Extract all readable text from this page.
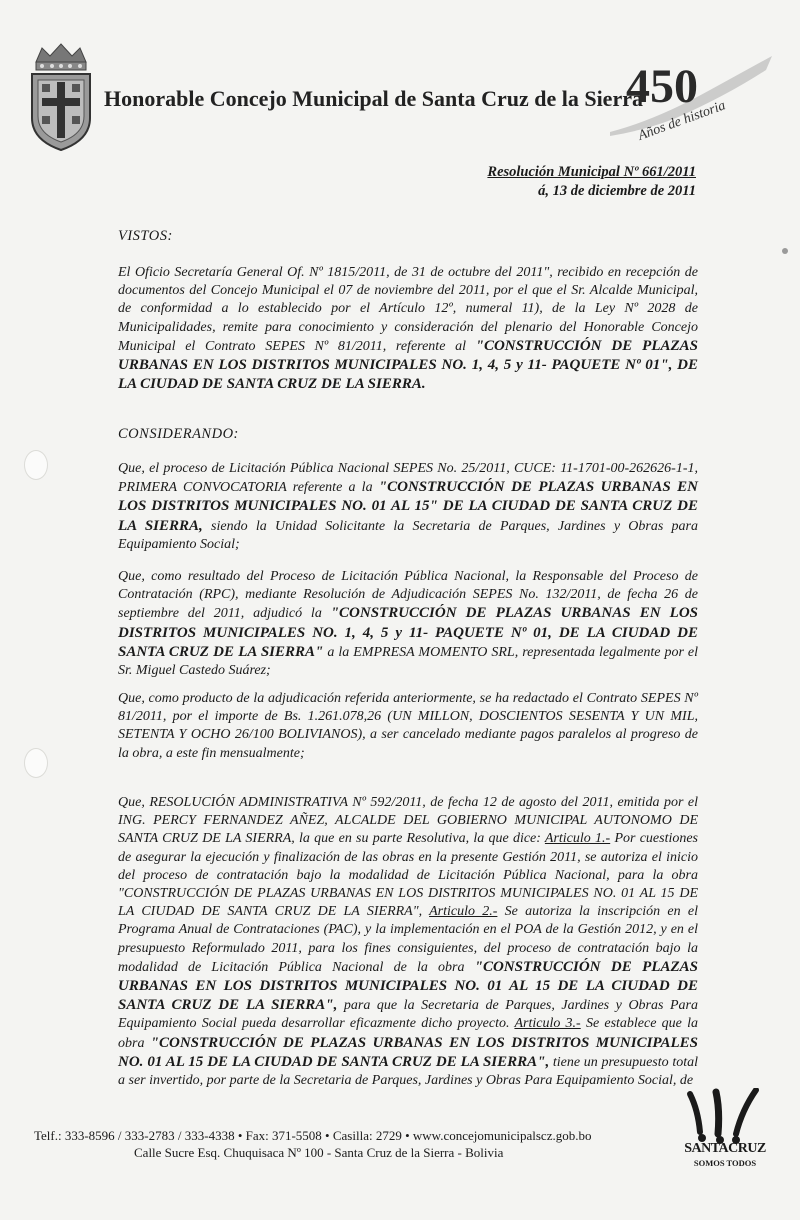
Honorable Concejo Municipal de Santa Cruz de la Sierra
450
Años de historia
Resolución Municipal Nº 661/2011
á, 13 de diciembre de 2011
VISTOS:

El Oficio Secretaría General Of. Nº 1815/2011, de 31 de octubre del 2011", recibido en recepción de documentos del Concejo Municipal el 07 de noviembre del 2011, por el que el Sr. Alcalde Municipal, de conformidad a lo establecido por el Artículo 12º, numeral 11), de la Ley Nº 2028 de Municipalidades, remite para conocimiento y consideración del plenario del Honorable Concejo Municipal el Contrato SEPES Nº 81/2011, referente al "CONSTRUCCIÓN DE PLAZAS URBANAS EN LOS DISTRITOS MUNICIPALES NO. 1, 4, 5 y 11- PAQUETE Nº 01", DE LA CIUDAD DE SANTA CRUZ DE LA SIERRA.

CONSIDERANDO:

Que, el proceso de Licitación Pública Nacional SEPES No. 25/2011, CUCE: 11-1701-00-262626-1-1, PRIMERA CONVOCATORIA referente a la "CONSTRUCCIÓN DE PLAZAS URBANAS EN LOS DISTRITOS MUNICIPALES NO. 01 AL 15" DE LA CIUDAD DE SANTA CRUZ DE LA SIERRA, siendo la Unidad Solicitante la Secretaria de Parques, Jardines y Obras para Equipamiento Social;

Que, como resultado del Proceso de Licitación Pública Nacional, la Responsable del Proceso de Contratación (RPC), mediante Resolución de Adjudicación SEPES No. 132/2011, de fecha 26 de septiembre del 2011, adjudicó la "CONSTRUCCIÓN DE PLAZAS URBANAS EN LOS DISTRITOS MUNICIPALES NO. 1, 4, 5 y 11- PAQUETE Nº 01, DE LA CIUDAD DE SANTA CRUZ DE LA SIERRA" a la EMPRESA MOMENTO SRL, representada legalmente por el Sr. Miguel Castedo Suárez;

Que, como producto de la adjudicación referida anteriormente, se ha redactado el Contrato SEPES Nº 81/2011, por el importe de Bs. 1.261.078,26 (UN MILLON, DOSCIENTOS SESENTA Y UN MIL, SETENTA Y OCHO 26/100 BOLIVIANOS), a ser cancelado mediante pagos paralelos al progreso de la obra, a este fin mensualmente;

Que, RESOLUCIÓN ADMINISTRATIVA Nº 592/2011, de fecha 12 de agosto del 2011, emitida por el ING. PERCY FERNANDEZ AÑEZ, ALCALDE DEL GOBIERNO MUNICIPAL AUTONOMO DE SANTA CRUZ DE LA SIERRA, la que en su parte Resolutiva, la que dice: Articulo 1.- Por cuestiones de asegurar la ejecución y finalización de las obras en la presente Gestión 2011, se autoriza el inicio del proceso de contratación bajo la modalidad de Licitación Pública Nacional, para la obra "CONSTRUCCIÓN DE PLAZAS URBANAS EN LOS DISTRITOS MUNICIPALES NO. 01 AL 15 DE LA CIUDAD DE SANTA CRUZ DE LA SIERRA", Articulo 2.- Se autoriza la inscripción en el Programa Anual de Contrataciones (PAC), y la implementación en el POA de la Gestión 2012, y en el presupuesto Reformulado 2011, para los fines consiguientes, del proceso de contratación bajo la modalidad de Licitación Pública Nacional de la obra "CONSTRUCCIÓN DE PLAZAS URBANAS EN LOS DISTRITOS MUNICIPALES NO. 01 AL 15 DE LA CIUDAD DE SANTA CRUZ DE LA SIERRA", para que la Secretaria de Parques, Jardines y Obras Para Equipamiento Social pueda desarrollar eficazmente dicho proyecto. Articulo 3.- Se establece que la obra "CONSTRUCCIÓN DE PLAZAS URBANAS EN LOS DISTRITOS MUNICIPALES NO. 01 AL 15 DE LA CIUDAD DE SANTA CRUZ DE LA SIERRA", tiene un presupuesto total a ser invertido, por parte de la Secretaria de Parques, Jardines y Obras Para Equipamiento Social, de

Telf.: 333-8596 / 333-2783 / 333-4338 • Fax: 371-5508 • Casilla: 2729 • www.concejomunicipalscz.gob.bo
Calle Sucre Esq. Chuquisaca Nº 100 - Santa Cruz de la Sierra - Bolivia	SANTACRUZ
SOMOS TODOS
